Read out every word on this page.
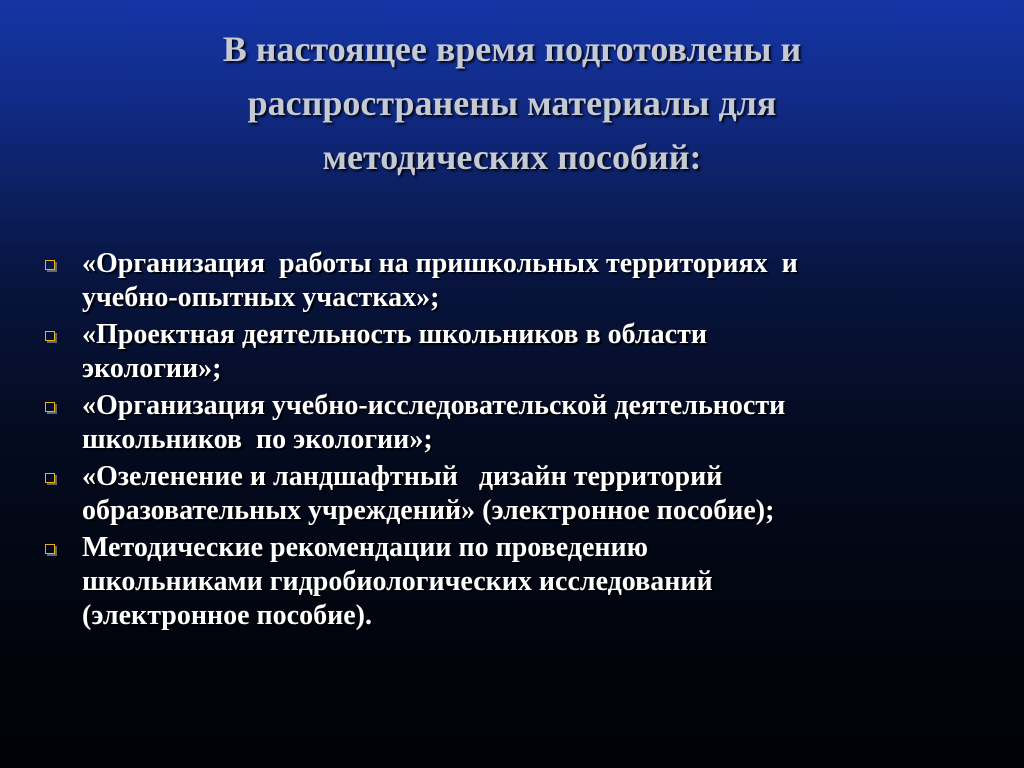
В настоящее время подготовлены и
распространены материалы для
методических пособий:
«Организация  работы на пришкольных территориях  и
учебно-опытных участках»;
«Проектная деятельность школьников в области
экологии»;
«Организация учебно-исследовательской деятельности
школьников  по экологии»;
«Озеленение и ландшафтный   дизайн территорий
образовательных учреждений» (электронное пособие);
Методические рекомендации по проведению
школьниками гидробиологических исследований
(электронное пособие).
